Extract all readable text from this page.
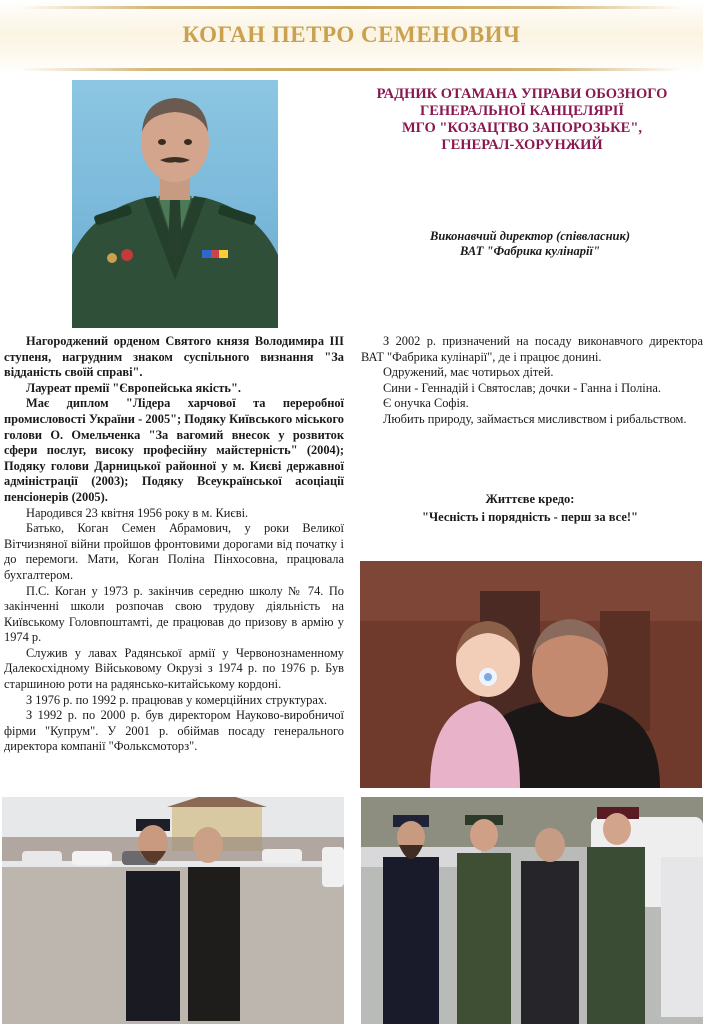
КОГАН ПЕТРО СЕМЕНОВИЧ
РАДНИК ОТАМАНА УПРАВИ ОБОЗНОГО
ГЕНЕРАЛЬНОЇ КАНЦЕЛЯРІЇ
МГО "КОЗАЦТВО ЗАПОРОЗЬКЕ",
ГЕНЕРАЛ-ХОРУНЖИЙ
Виконавчий директор (співвласник)
ВАТ "Фабрика кулінарії"

Нагороджений орденом Святого князя Володимира III ступеня, нагрудним знаком суспільного визнання "За відданість своїй справі".

Лауреат премії "Європейська якість".

Має диплом "Лідера харчової та переробної промисловості України - 2005"; Подяку Київського міського голови О. Омельченка "За вагомий внесок у розвиток сфери послуг, високу професійну майстерність" (2004); Подяку голови Дарницької районної у м. Києві державної адміністрації (2003); Подяку Всеукраїнської асоціації пенсіонерів (2005).

Народився 23 квітня 1956 року в м. Києві.

Батько, Коган Семен Абрамович, у роки Великої Вітчизняної війни пройшов фронтовими дорогами від початку і до перемоги. Мати, Коган Поліна Пінхосовна, працювала бухгалтером.

П.С. Коган у 1973 р. закінчив середню школу № 74. По закінченні школи розпочав свою трудову діяльність на Київському Головпоштамті, де працював до призову в армію у 1974 р.

Служив у лавах Радянської армії у Червонознаменному Далекосхідному Військовому Окрузі з 1974 р. по 1976 р. Був старшиною роти на радянсько-китайському кордоні.

З 1976 р. по 1992 р. працював у комерційних структурах.

З 1992 р. по 2000 р. був директором Науково-виробничої фірми "Купрум". У 2001 р. обіймав посаду генерального директора компанії "Фольксмоторз".

З 2002 р. призначений на посаду виконавчого директора ВАТ "Фабрика кулінарії", де і працює донині.

Одружений, має чотирьох дітей.

Сини - Геннадій і Святослав; дочки - Ганна і Поліна.

Є онучка Софія.

Любить природу, займається мисливством і рибальством.

Життєве кредо:
"Чесність і порядність - перш за все!"
